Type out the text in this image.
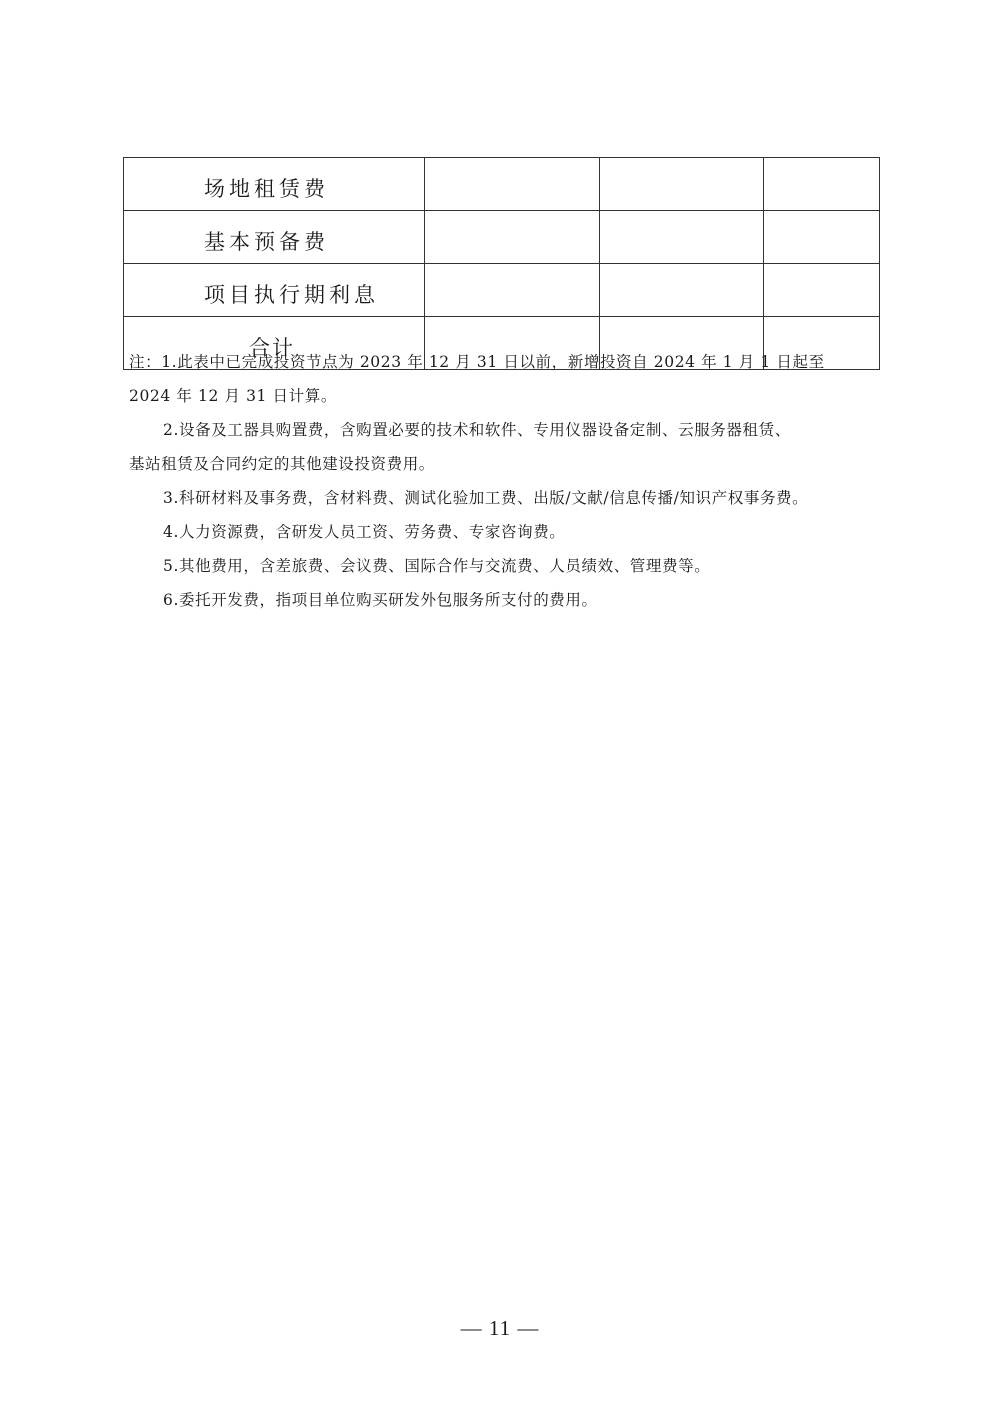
场地租赁费			
基本预备费			
项目执行期利息			
合计			

注：1.此表中已完成投资节点为 2023 年 12 月 31 日以前，新增投资自 2024 年 1 月 1 日起至

2024 年 12 月 31 日计算。

2.设备及工器具购置费，含购置必要的技术和软件、专用仪器设备定制、云服务器租赁、

基站租赁及合同约定的其他建设投资费用。

3.科研材料及事务费，含材料费、测试化验加工费、出版/文献/信息传播/知识产权事务费。

4.人力资源费，含研发人员工资、劳务费、专家咨询费。

5.其他费用，含差旅费、会议费、国际合作与交流费、人员绩效、管理费等。

6.委托开发费，指项目单位购买研发外包服务所支付的费用。

— 11 —
